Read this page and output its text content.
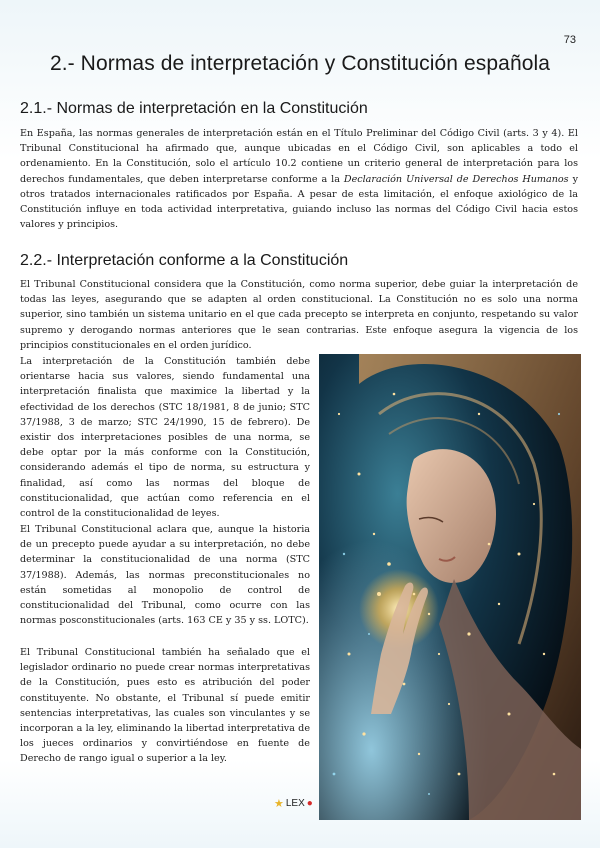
73
2.- Normas de interpretación y Constitución española
2.1.- Normas de interpretación en la Constitución

En España, las normas generales de interpretación están en el Título Preliminar del Código Civil (arts. 3 y 4). El Tribunal Constitucional ha afirmado que, aunque ubicadas en el Código Civil, son aplicables a todo el ordenamiento. En la Constitución, solo el artículo 10.2 contiene un criterio general de interpretación para los derechos fundamentales, que deben interpretarse conforme a la Declaración Universal de Derechos Humanos y otros tratados internacionales ratificados por España. A pesar de esta limitación, el enfoque axiológico de la Constitución influye en toda actividad interpretativa, guiando incluso las normas del Código Civil hacia estos valores y principios.

2.2.- Interpretación conforme a la Constitución

El Tribunal Constitucional considera que la Constitución, como norma superior, debe guiar la interpretación de todas las leyes, asegurando que se adapten al orden constitucional. La Constitución no es solo una norma superior, sino también un sistema unitario en el que cada precepto se interpreta en conjunto, respetando su valor supremo y derogando normas anteriores que le sean contrarias. Este enfoque asegura la vigencia de los principios constitucionales en el orden jurídico.

La interpretación de la Constitución también debe orientarse hacia sus valores, siendo fundamental una interpretación finalista que maximice la libertad y la efectividad de los derechos (STC 18/1981, 8 de junio; STC 37/1988, 3 de marzo; STC 24/1990, 15 de febrero). De existir dos interpretaciones posibles de una norma, se debe optar por la más conforme con la Constitución, considerando además el tipo de norma, su estructura y finalidad, así como las normas del bloque de constitucionalidad, que actúan como referencia en el control de la constitucionalidad de leyes.

El Tribunal Constitucional aclara que, aunque la historia de un precepto puede ayudar a su interpretación, no debe determinar la constitucionalidad de una norma (STC 37/1988). Además, las normas preconstitucionales no están sometidas al monopolio de control de constitucionalidad del Tribunal, como ocurre con las normas posconstitucionales (arts. 163 CE y 35 y ss. LOTC).

El Tribunal Constitucional también ha señalado que el legislador ordinario no puede crear normas interpretativas de la Constitución, pues esto es atribución del poder constituyente. No obstante, el Tribunal sí puede emitir sentencias interpretativas, las cuales son vinculantes y se incorporan a la ley, eliminando la libertad interpretativa de los jueces ordinarios y convirtiéndose en fuente de Derecho de rango igual o superior a la ley.

★ LEX ●
